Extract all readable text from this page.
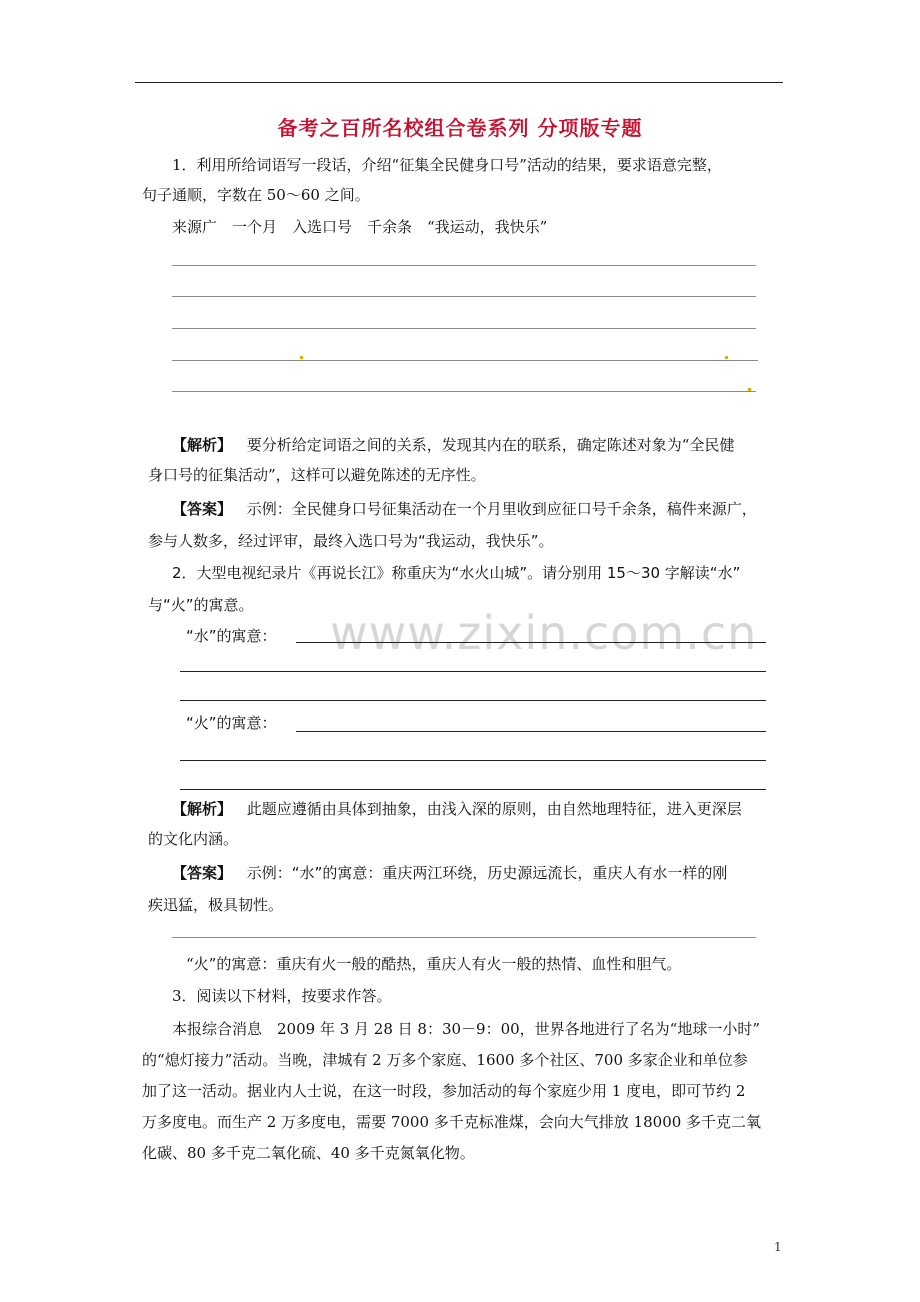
备考之百所名校组合卷系列 分项版专题
1．利用所给词语写一段话，介绍“征集全民健身口号”活动的结果，要求语意完整，
句子通顺，字数在 50～60 之间。
来源广　一个月　入选口号　千余条　“我运动，我快乐”
【解析】 要分析给定词语之间的关系，发现其内在的联系，确定陈述对象为“全民健
身口号的征集活动”，这样可以避免陈述的无序性。
【答案】 示例：全民健身口号征集活动在一个月里收到应征口号千余条，稿件来源广，
参与人数多，经过评审，最终入选口号为“我运动，我快乐”。
www.zixin.com.cn
2．大型电视纪录片《再说长江》称重庆为“水火山城”。请分别用 15～30 字解读“水”
与“火”的寓意。
“水”的寓意：
“火”的寓意：
【解析】 此题应遵循由具体到抽象，由浅入深的原则，由自然地理特征，进入更深层
的文化内涵。
【答案】 示例：“水”的寓意：重庆两江环绕，历史源远流长，重庆人有水一样的刚
疾迅猛，极具韧性。
“火”的寓意：重庆有火一般的酷热，重庆人有火一般的热情、血性和胆气。
3．阅读以下材料，按要求作答。
本报综合消息　2009 年 3 月 28 日 8：30－9：00，世界各地进行了名为“地球一小时”
的“熄灯接力”活动。当晚，津城有 2 万多个家庭、1600 多个社区、700 多家企业和单位参
加了这一活动。据业内人士说，在这一时段，参加活动的每个家庭少用 1 度电，即可节约 2
万多度电。而生产 2 万多度电，需要 7000 多千克标准煤，会向大气排放 18000 多千克二氧
化碳、80 多千克二氧化硫、40 多千克氮氧化物。
1
